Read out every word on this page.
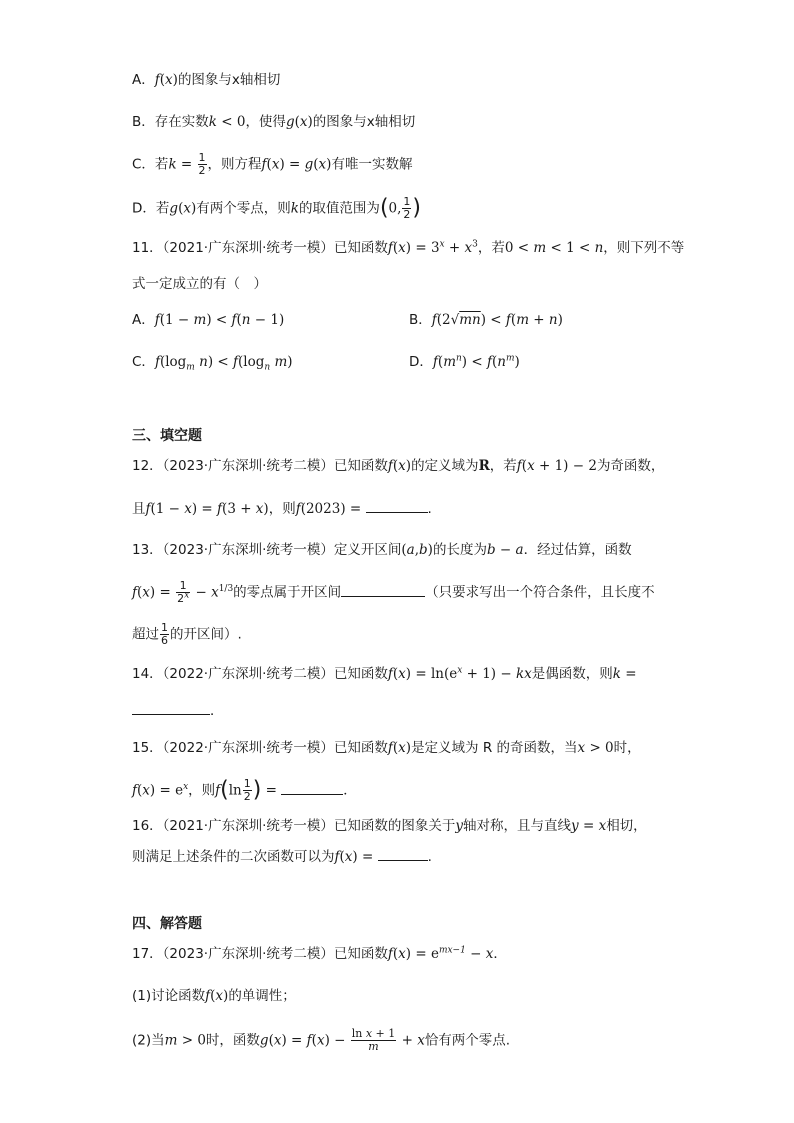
A．f(x)的图象与x轴相切
B．存在实数k < 0，使得g(x)的图象与x轴相切
C．若$k = \frac{1}{2}$ ，则方程f(x) = g(x)有唯一实数解
D．若g(x)有两个零点，则k的取值范围为(0, $\frac{1}{2}$ )
11．（2021·广东深圳·统考一模）已知函数$f(x) = 3^x + x^3$，若0 < m < 1 < n，则下列不等
式一定成立的有（　）
A．f(1 − m) < f(n − 1)	B．f(2√mn) < f(m + n)
C．$f(\log_m$ $n) < f(\log_n$ m)	D．$f(m^n) < f(n^m)$
三、填空题
12．（2023·广东深圳·统考二模）已知函数f(x)的定义域为R，若f(x + 1) − 2为奇函数，
且f(1 − x) = f(3 + x)，则f(2023) =	.
13．（2023·广东深圳·统考一模）定义开区间(a,b)的长度为b − a．经过估算，函数
$f(x) = \frac{1}{2^x} - x^{1/3}$的零点属于开区间	（只要求写出一个符合条件，且长度不
超过 $\frac{1}{6}$ 的开区间）.
14．（2022·广东深圳·统考二模）已知函数$f(x) = \ln(e^x + 1)$ − kx是偶函数，则k =
．
15．（2022·广东深圳·统考一模）已知函数f(x)是定义域为 R 的奇函数，当x > 0时，
$f(x) = e^x$，则$f(\ln \frac{1}{2}$ ) =	．
16．（2021·广东深圳·统考一模）已知函数的图象关于y轴对称，且与直线y = x相切，
则满足上述条件的二次函数可以为f(x) =	.
四、解答题
17．（2023·广东深圳·统考二模）已知函数$f(x) = e^{mx-1} - x$．
(1)讨论函数f(x)的单调性；
(2)当m > 0时，函数$g(x) = f(x) - \frac{\text{ln x + 1}}{m} + x$恰有两个零点.
